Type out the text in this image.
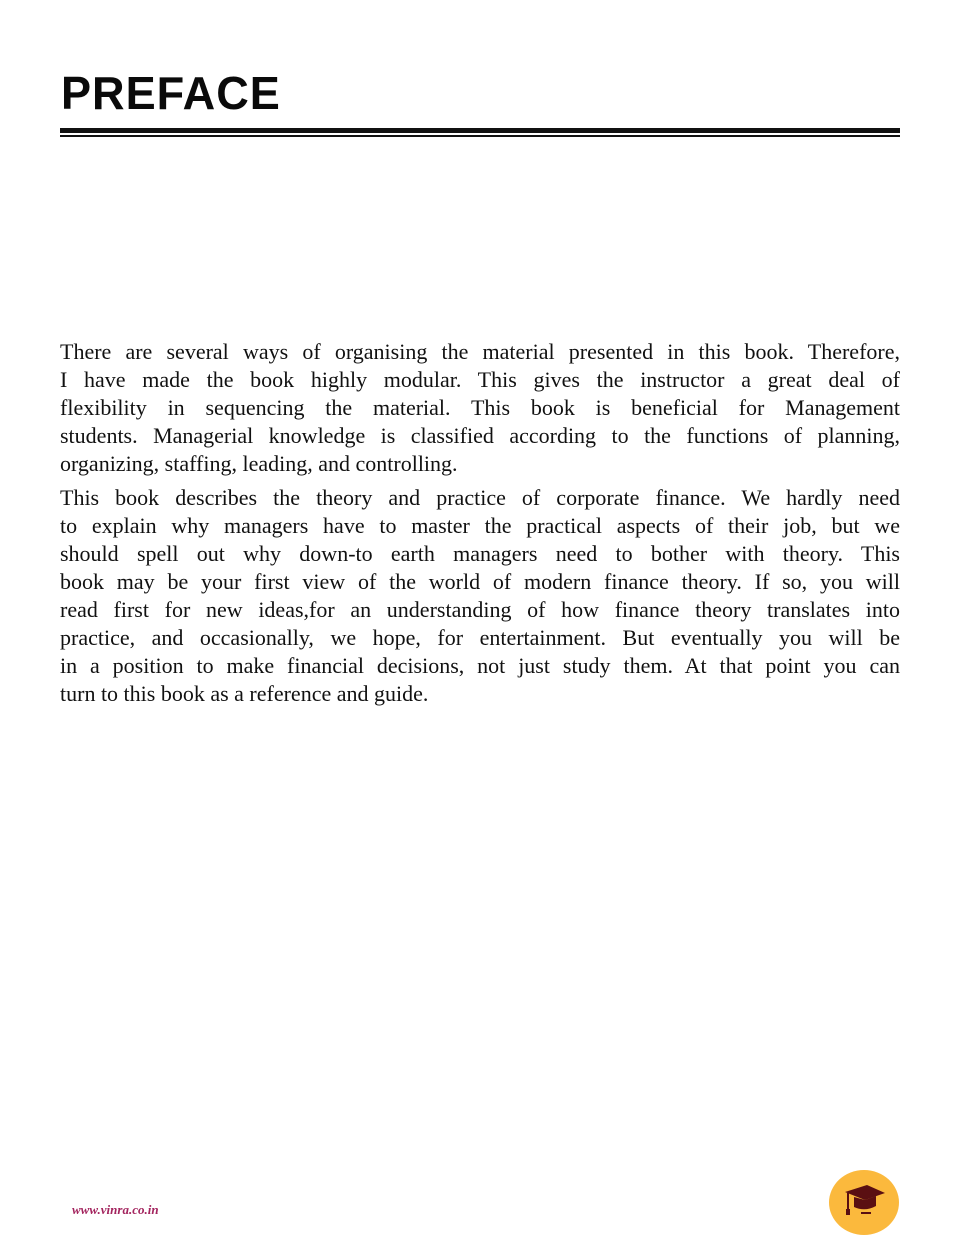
PREFACE
There are several ways of organising the material presented in this book. Therefore,
I have made the book highly modular. This gives the instructor a great deal of
flexibility in sequencing the material. This book is beneficial for Management
students. Managerial knowledge is classified according to the functions of planning,
organizing, staffing, leading, and controlling.
This book describes the theory and practice of corporate finance. We hardly need
to explain why managers have to master the practical aspects of their job, but we
should spell out why down-to earth managers need to bother with theory. This
book may be your first view of the world of modern finance theory. If so, you will
read first for new ideas,for an understanding of how finance theory translates into
practice, and occasionally, we hope, for entertainment. But eventually you will be
in a position to make financial decisions, not just study them. At that point you can
turn to this book as a reference and guide.
www.vinra.co.in
